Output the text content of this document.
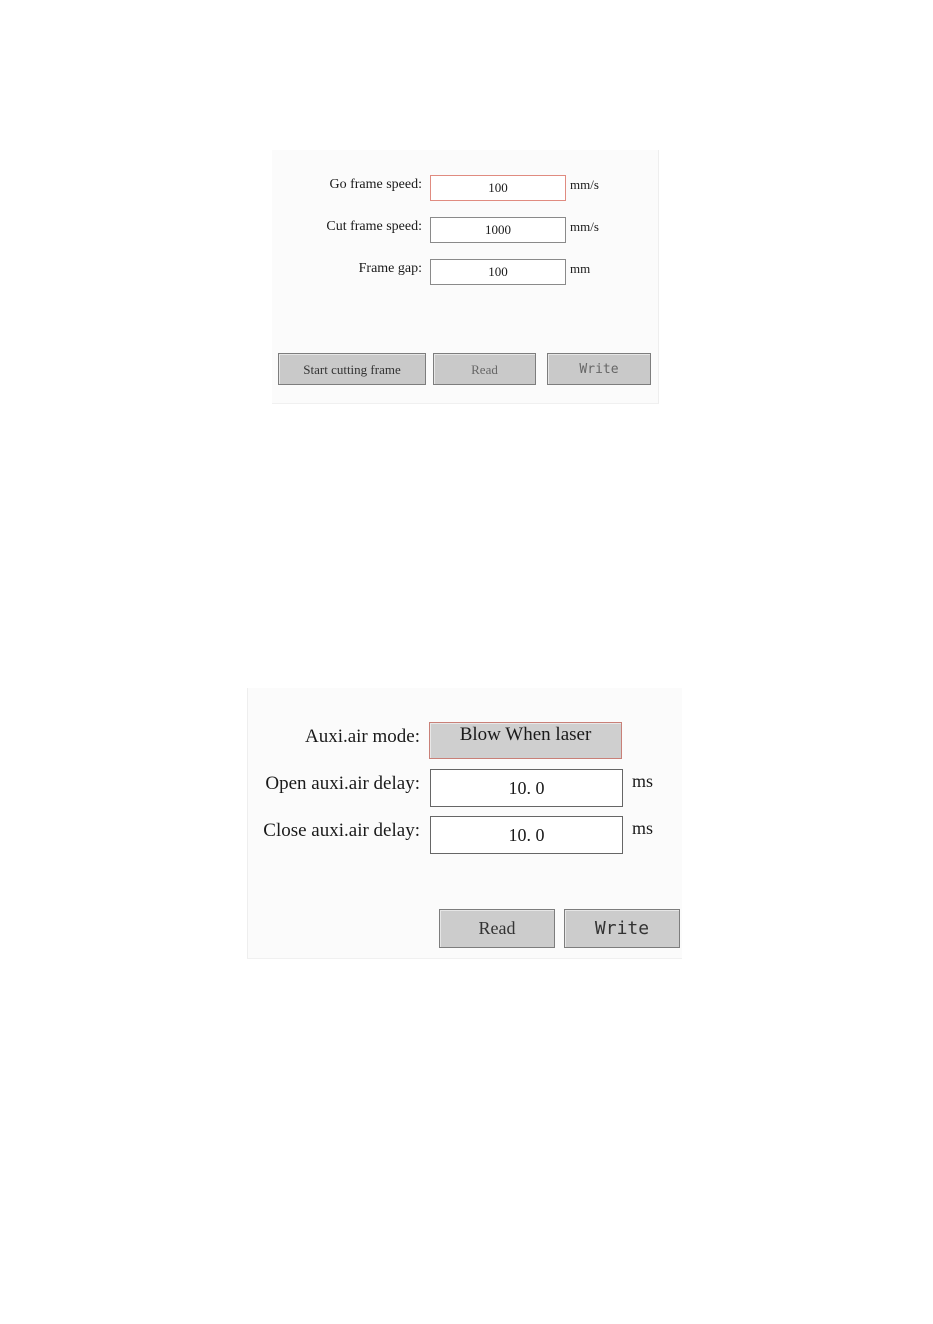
Go frame speed:	100	mm/s
Cut frame speed:	1000	mm/s
Frame gap:	100	mm
Start cutting frame	Read	Write
Auxi.air mode:	Blow When laser
Open auxi.air delay:	10. 0	ms
Close auxi.air delay:	10. 0	ms
Read	Write
